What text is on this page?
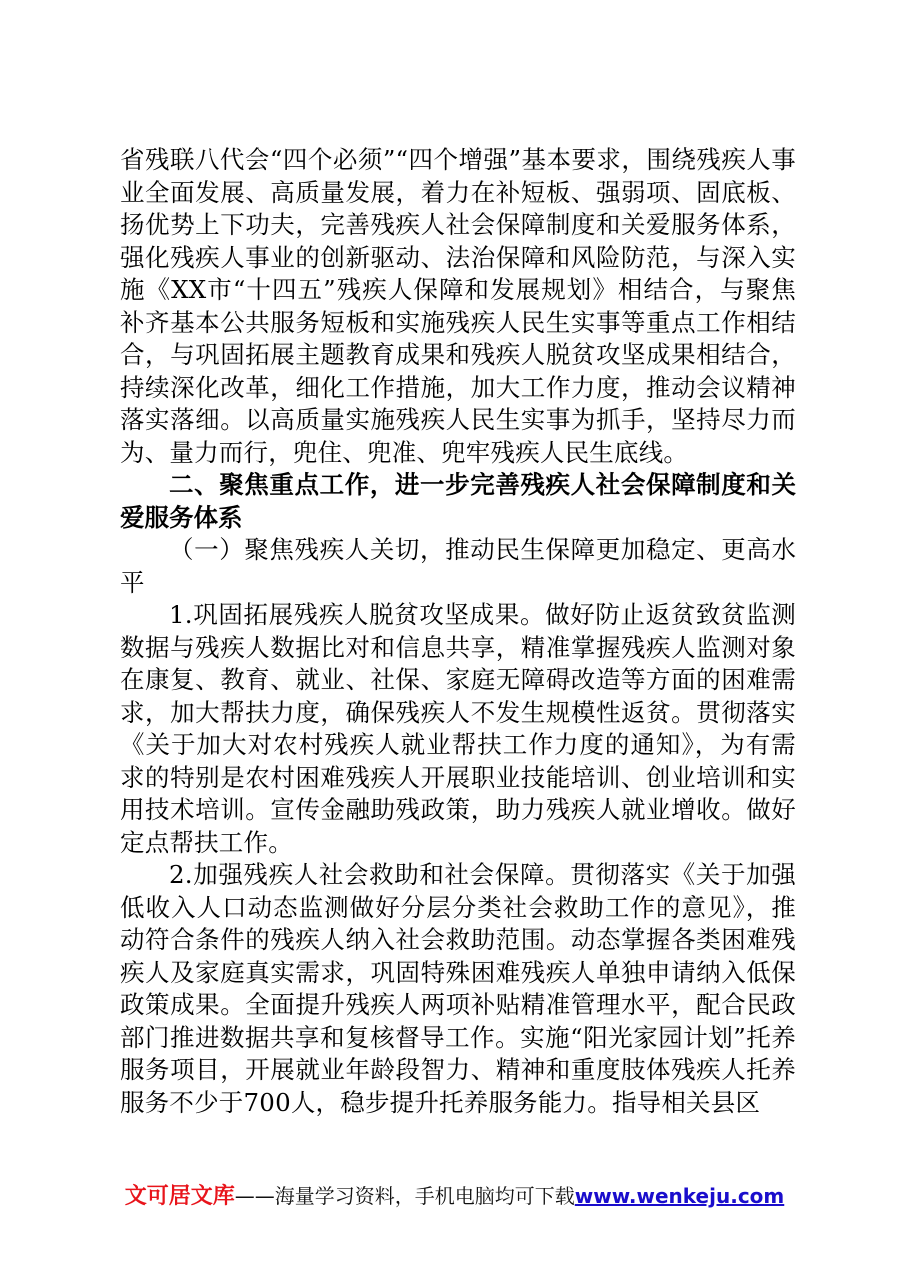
省残联八代会“四个必须”“四个增强”基本要求，围绕残疾人事业全面发展、高质量发展，着力在补短板、强弱项、固底板、扬优势上下功夫，完善残疾人社会保障制度和关爱服务体系，强化残疾人事业的创新驱动、法治保障和风险防范，与深入实施《XX市“十四五”残疾人保障和发展规划》相结合，与聚焦补齐基本公共服务短板和实施残疾人民生实事等重点工作相结合，与巩固拓展主题教育成果和残疾人脱贫攻坚成果相结合，持续深化改革，细化工作措施，加大工作力度，推动会议精神落实落细。以高质量实施残疾人民生实事为抓手，坚持尽力而为、量力而行，兜住、兜准、兜牢残疾人民生底线。

二、聚焦重点工作，进一步完善残疾人社会保障制度和关爱服务体系

（一）聚焦残疾人关切，推动民生保障更加稳定、更高水平

1.巩固拓展残疾人脱贫攻坚成果。做好防止返贫致贫监测数据与残疾人数据比对和信息共享，精准掌握残疾人监测对象在康复、教育、就业、社保、家庭无障碍改造等方面的困难需求，加大帮扶力度，确保残疾人不发生规模性返贫。贯彻落实《关于加大对农村残疾人就业帮扶工作力度的通知》，为有需求的特别是农村困难残疾人开展职业技能培训、创业培训和实用技术培训。宣传金融助残政策，助力残疾人就业增收。做好定点帮扶工作。

2.加强残疾人社会救助和社会保障。贯彻落实《关于加强低收入人口动态监测做好分层分类社会救助工作的意见》，推动符合条件的残疾人纳入社会救助范围。动态掌握各类困难残疾人及家庭真实需求，巩固特殊困难残疾人单独申请纳入低保政策成果。全面提升残疾人两项补贴精准管理水平，配合民政部门推进数据共享和复核督导工作。实施“阳光家园计划”托养服务项目，开展就业年龄段智力、精神和重度肢体残疾人托养服务不少于700人，稳步提升托养服务能力。指导相关县区

文可居文库——海量学习资料，手机电脑均可下载www.wenkeju.com
